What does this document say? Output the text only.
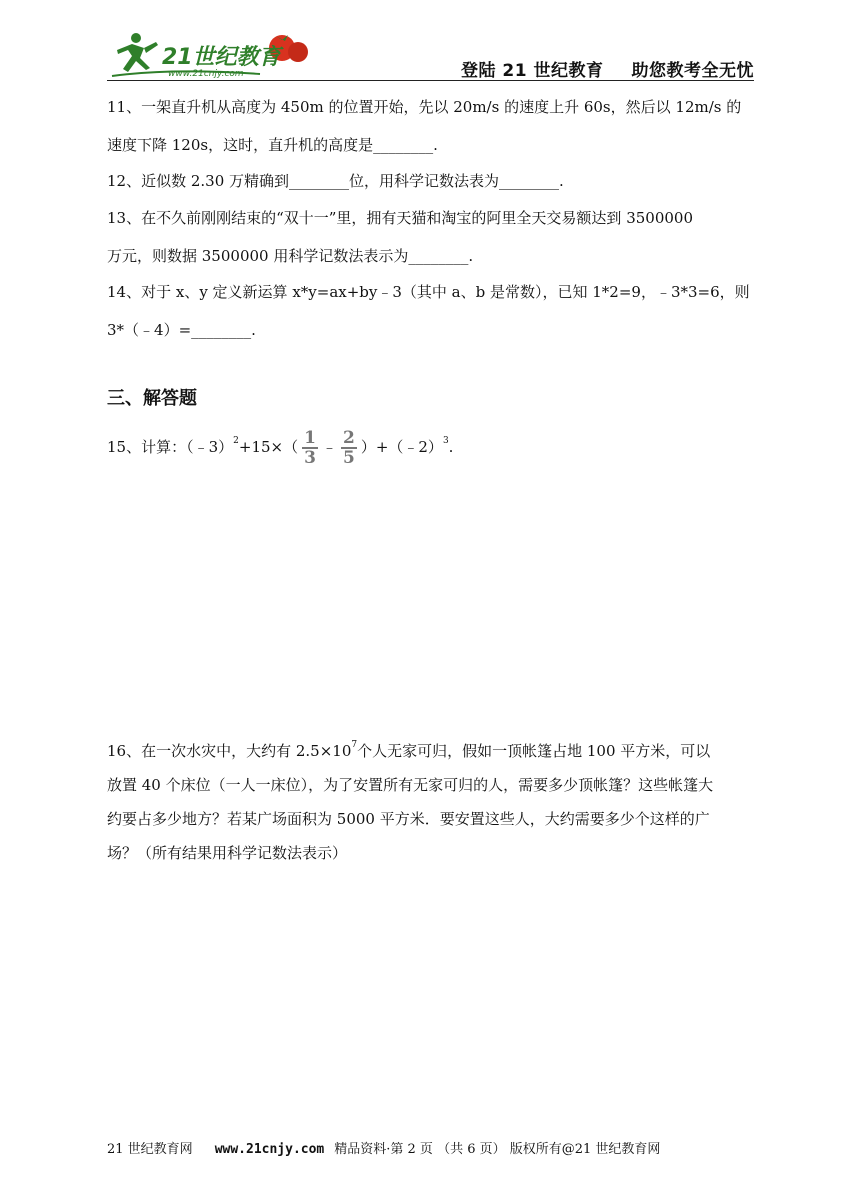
21世纪教育
www.21cnjy.com	登陆 21 世纪教育 助您教考全无忧
11、一架直升机从高度为 450m 的位置开始，先以 20m/s 的速度上升 60s，然后以 12m/s 的
速度下降 120s，这时，直升机的高度是________.
12、近似数 2.30 万精确到________位，用科学记数法表为________.
13、在不久前刚刚结束的“双十一”里，拥有天猫和淘宝的阿里全天交易额达到 3500000
万元，则数据 3500000 用科学记数法表示为________.
14、对于 x、y 定义新运算 x*y=ax+by﹣3（其中 a、b 是常数），已知 1*2=9，﹣3*3=6，则
3*（﹣4）=________.
三、解答题
15、计算：（﹣3）$^2$+15×（ $\frac{1}{3}$ ﹣ $\frac{2}{5}$ ）+（﹣2）$^3$.
16、在一次水灾中，大约有 $2.5\times 10^7$个人无家可归，假如一顶帐篷占地 100 平方米，可以
放置 40 个床位（一人一床位），为了安置所有无家可归的人，需要多少顶帐篷？这些帐篷大
约要占多少地方？若某广场面积为 5000 平方米．要安置这些人，大约需要多少个这样的广
场？（所有结果用科学记数法表示）
21 世纪教育网 www.21cnjy.com 精品资料·第 2 页 （共 6 页） 版权所有@21 世纪教育网
